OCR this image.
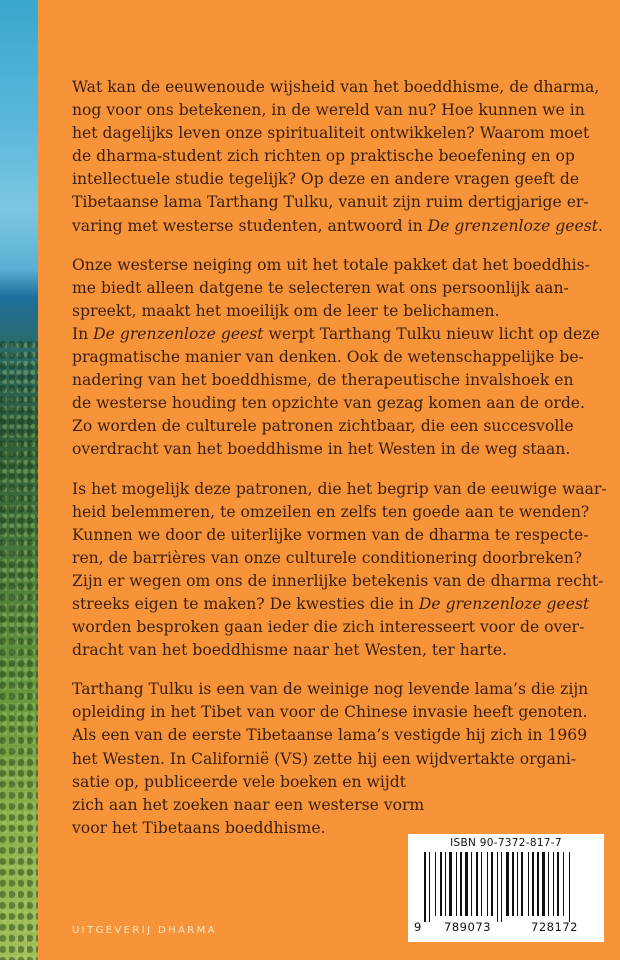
Wat kan de eeuwenoude wijsheid van het boeddhisme, de dharma,
nog voor ons betekenen, in de wereld van nu? Hoe kunnen we in
het dagelijks leven onze spiritualiteit ontwikkelen? Waarom moet
de dharma-student zich richten op praktische beoefening en op
intellectuele studie tegelijk? Op deze en andere vragen geeft de
Tibetaanse lama Tarthang Tulku, vanuit zijn ruim dertigjarige er-
varing met westerse studenten, antwoord in De grenzenloze geest.

Onze westerse neiging om uit het totale pakket dat het boeddhis-
me biedt alleen datgene te selecteren wat ons persoonlijk aan-
spreekt, maakt het moeilijk om de leer te belichamen.
In De grenzenloze geest werpt Tarthang Tulku nieuw licht op deze
pragmatische manier van denken. Ook de wetenschappelijke be-
nadering van het boeddhisme, de therapeutische invalshoek en
de westerse houding ten opzichte van gezag komen aan de orde.
Zo worden de culturele patronen zichtbaar, die een succesvolle
overdracht van het boeddhisme in het Westen in de weg staan.

Is het mogelijk deze patronen, die het begrip van de eeuwige waar-
heid belemmeren, te omzeilen en zelfs ten goede aan te wenden?
Kunnen we door de uiterlijke vormen van de dharma te respecte-
ren, de barrières van onze culturele conditionering doorbreken?
Zijn er wegen om ons de innerlijke betekenis van de dharma recht-
streeks eigen te maken? De kwesties die in De grenzenloze geest
worden besproken gaan ieder die zich interesseert voor de over-
dracht van het boeddhisme naar het Westen, ter harte.

Tarthang Tulku is een van de weinige nog levende lama’s die zijn
opleiding in het Tibet van voor de Chinese invasie heeft genoten.
Als een van de eerste Tibetaanse lama’s vestigde hij zich in 1969
het Westen. In Californië (VS) zette hij een wijdvertakte organi-
satie op, publiceerde vele boeken en wijdt
zich aan het zoeken naar een westerse vorm
voor het Tibetaans boeddhisme.

UITGEVERIJ DHARMA
ISBN 90-7372-817-7
9	789073	728172
